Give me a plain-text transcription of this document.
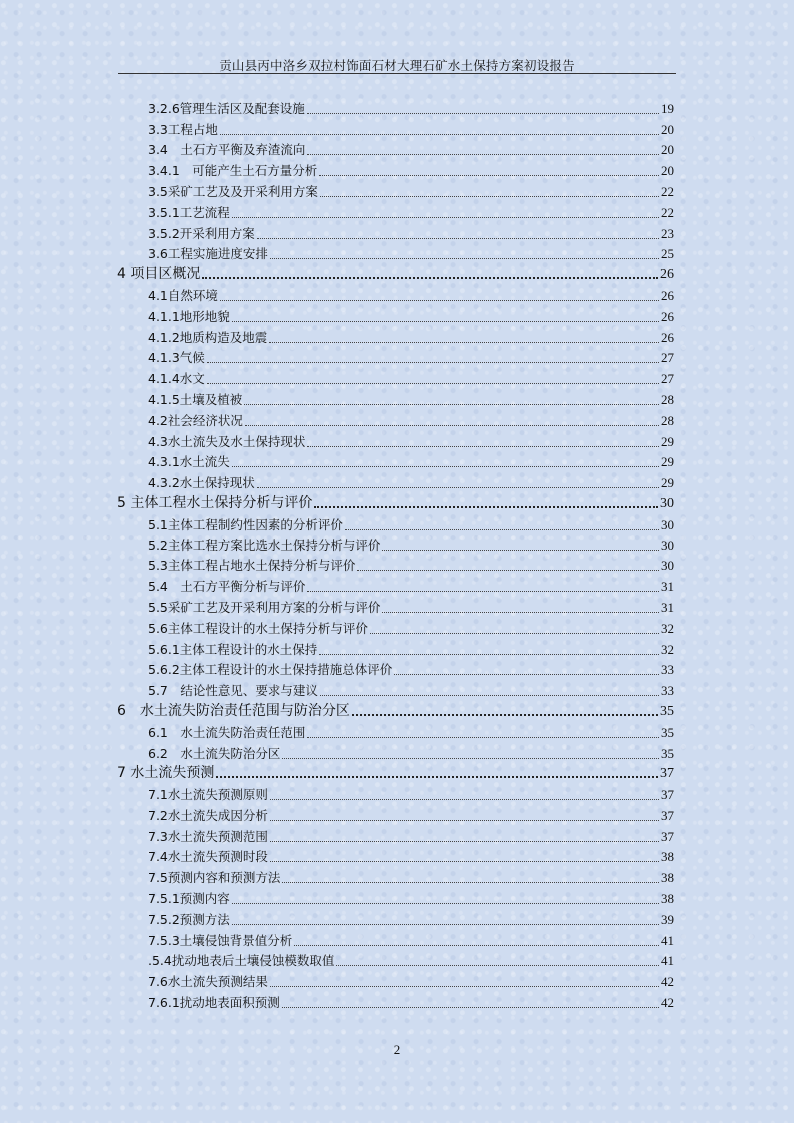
贡山县丙中洛乡双拉村饰面石材大理石矿水土保持方案初设报告
3.2.6管理生活区及配套设施	19
3.3工程占地	20
3.4　土石方平衡及弃渣流向	20
3.4.1　可能产生土石方量分析	20
3.5采矿工艺及及开采利用方案	22
3.5.1工艺流程	22
3.5.2开采利用方案	23
3.6工程实施进度安排	25
4 项目区概况	26
4.1自然环境	26
4.1.1地形地貌	26
4.1.2地质构造及地震	26
4.1.3气候	27
4.1.4水文	27
4.1.5土壤及植被	28
4.2社会经济状况	28
4.3水土流失及水土保持现状	29
4.3.1水土流失	29
4.3.2水土保持现状	29
5 主体工程水土保持分析与评价	30
5.1主体工程制约性因素的分析评价	30
5.2主体工程方案比选水土保持分析与评价	30
5.3主体工程占地水土保持分析与评价	30
5.4　土石方平衡分析与评价	31
5.5采矿工艺及开采利用方案的分析与评价	31
5.6主体工程设计的水土保持分析与评价	32
5.6.1主体工程设计的水土保持	32
5.6.2主体工程设计的水土保持措施总体评价	33
5.7　结论性意见、要求与建议	33
6　水土流失防治责任范围与防治分区	35
6.1　水土流失防治责任范围	35
6.2　水土流失防治分区	35
7 水土流失预测	37
7.1水土流失预测原则	37
7.2水土流失成因分析	37
7.3水土流失预测范围	37
7.4水土流失预测时段	38
7.5预测内容和预测方法	38
7.5.1预测内容	38
7.5.2预测方法	39
7.5.3土壤侵蚀背景值分析	41
.5.4扰动地表后土壤侵蚀模数取值	41
7.6水土流失预测结果	42
7.6.1扰动地表面积预测	42
2
